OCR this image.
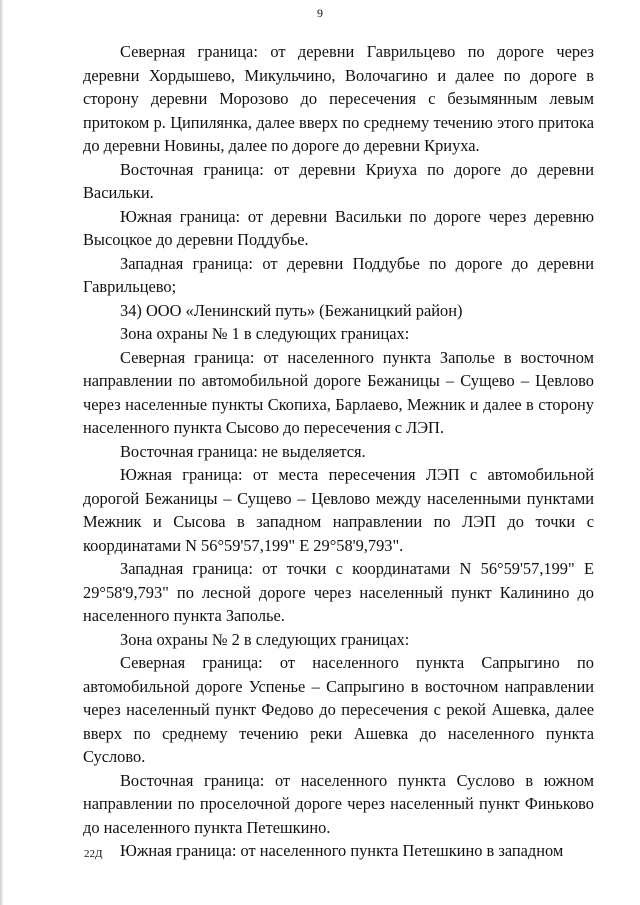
9

Северная граница: от деревни Гаврильцево по дороге через деревни Хордышево, Микульчино, Волочагино и далее по дороге в сторону деревни Морозово до пересечения с безымянным левым притоком р. Ципилянка, далее вверх по среднему течению этого притока до деревни Новины, далее по дороге до деревни Криуха.

Восточная граница: от деревни Криуха по дороге до деревни Васильки.

Южная граница: от деревни Васильки по дороге через деревню Высоцкое до деревни Поддубье.

Западная граница: от деревни Поддубье по дороге до деревни Гаврильцево;

34) ООО «Ленинский путь» (Бежаницкий район)

Зона охраны № 1 в следующих границах:

Северная граница: от населенного пункта Заполье в восточном направлении по автомобильной дороге Бежаницы – Сущево – Цевлово через населенные пункты Скопиха, Барлаево, Межник и далее в сторону населенного пункта Сысово до пересечения с ЛЭП.

Восточная граница: не выделяется.

Южная граница: от места пересечения ЛЭП с автомобильной дорогой Бежаницы – Сущево – Цевлово между населенными пунктами Межник и Сысова в западном направлении по ЛЭП до точки с координатами N 56°59'57,199" E 29°58'9,793".

Западная граница: от точки с координатами N 56°59'57,199" E 29°58'9,793" по лесной дороге через населенный пункт Калинино до населенного пункта Заполье.

Зона охраны № 2 в следующих границах:

Северная граница: от населенного пункта Сапрыгино по автомобильной дороге Успенье – Сапрыгино в восточном направлении через населенный пункт Федово до пересечения с рекой Ашевка, далее вверх по среднему течению реки Ашевка до населенного пункта Суслово.

Восточная граница: от населенного пункта Суслово в южном направлении по проселочной дороге через населенный пункт Финьково до населенного пункта Петешкино.

Южная граница: от населенного пункта Петешкино в западном

22Д
